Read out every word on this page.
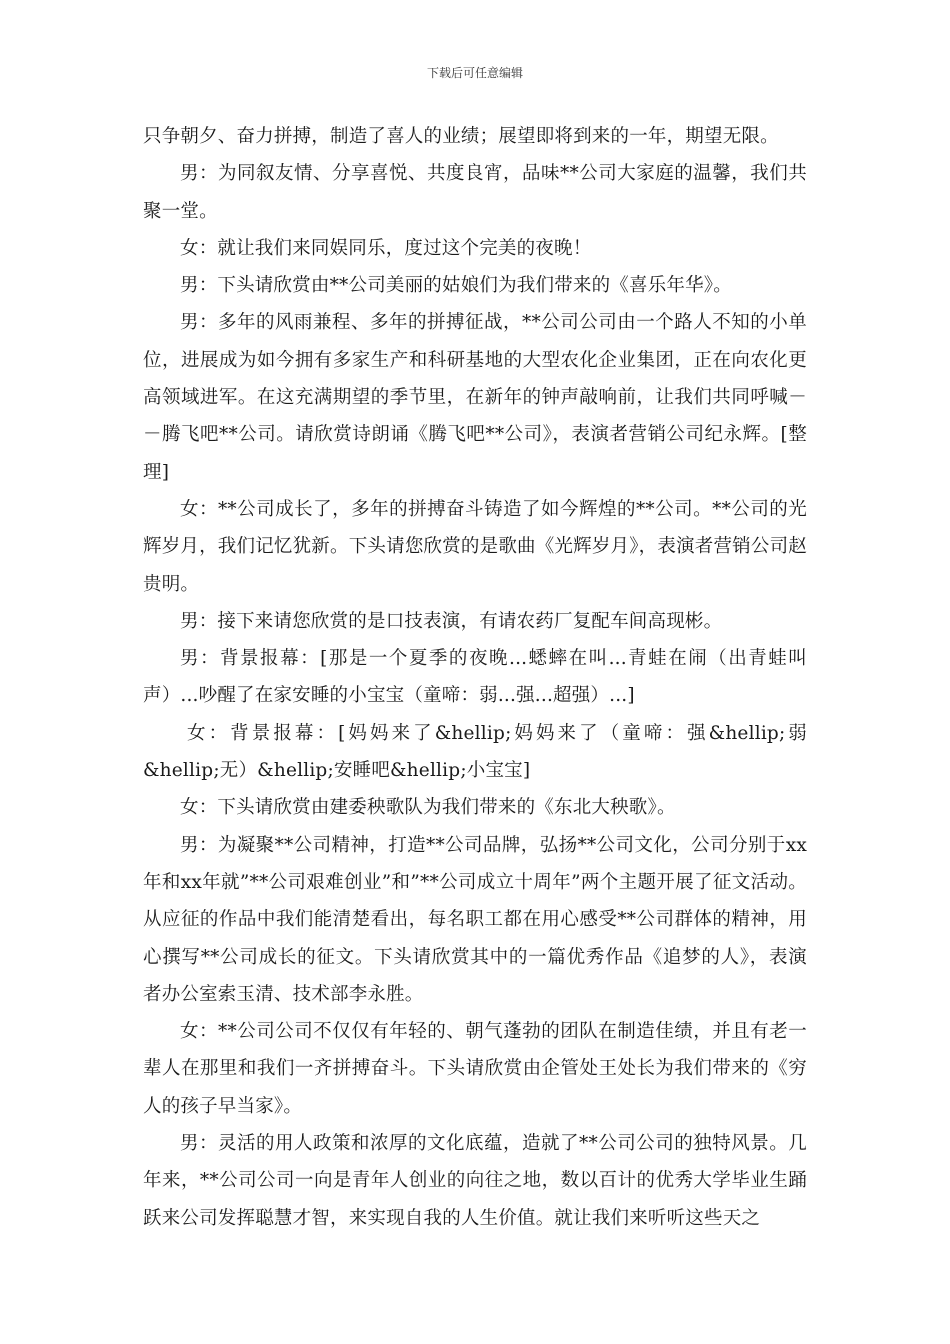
下载后可任意编辑

只争朝夕、奋力拼搏，制造了喜人的业绩；展望即将到来的一年，期望无限。

男：为同叙友情、分享喜悦、共度良宵，品味**公司大家庭的温馨，我们共聚一堂。

女：就让我们来同娱同乐，度过这个完美的夜晚！

男：下头请欣赏由**公司美丽的姑娘们为我们带来的《喜乐年华》。

男：多年的风雨兼程、多年的拼搏征战，**公司公司由一个路人不知的小单位，进展成为如今拥有多家生产和科研基地的大型农化企业集团，正在向农化更高领域进军。在这充满期望的季节里，在新年的钟声敲响前，让我们共同呼喊－－腾飞吧**公司。请欣赏诗朗诵《腾飞吧**公司》，表演者营销公司纪永辉。[整理]

女：**公司成长了，多年的拼搏奋斗铸造了如今辉煌的**公司。**公司的光辉岁月，我们记忆犹新。下头请您欣赏的是歌曲《光辉岁月》，表演者营销公司赵贵明。

男：接下来请您欣赏的是口技表演，有请农药厂复配车间高现彬。

男：背景报幕：[那是一个夏季的夜晚...蟋蟀在叫...青蛙在闹（出青蛙叫声）...吵醒了在家安睡的小宝宝（童啼：弱...强...超强）...]

女：背景报幕：[妈妈来了&hellip;妈妈来了（童啼：强&hellip;弱&hellip;无）&hellip;安睡吧&hellip;小宝宝]

女：下头请欣赏由建委秧歌队为我们带来的《东北大秧歌》。

男：为凝聚**公司精神，打造**公司品牌，弘扬**公司文化，公司分别于xx年和xx年就”**公司艰难创业”和”**公司成立十周年”两个主题开展了征文活动。从应征的作品中我们能清楚看出，每名职工都在用心感受**公司群体的精神，用心撰写**公司成长的征文。下头请欣赏其中的一篇优秀作品《追梦的人》，表演者办公室索玉清、技术部李永胜。

女：**公司公司不仅仅有年轻的、朝气蓬勃的团队在制造佳绩，并且有老一辈人在那里和我们一齐拼搏奋斗。下头请欣赏由企管处王处长为我们带来的《穷人的孩子早当家》。

男：灵活的用人政策和浓厚的文化底蕴，造就了**公司公司的独特风景。几年来，**公司公司一向是青年人创业的向往之地，数以百计的优秀大学毕业生踊跃来公司发挥聪慧才智，来实现自我的人生价值。就让我们来听听这些天之
